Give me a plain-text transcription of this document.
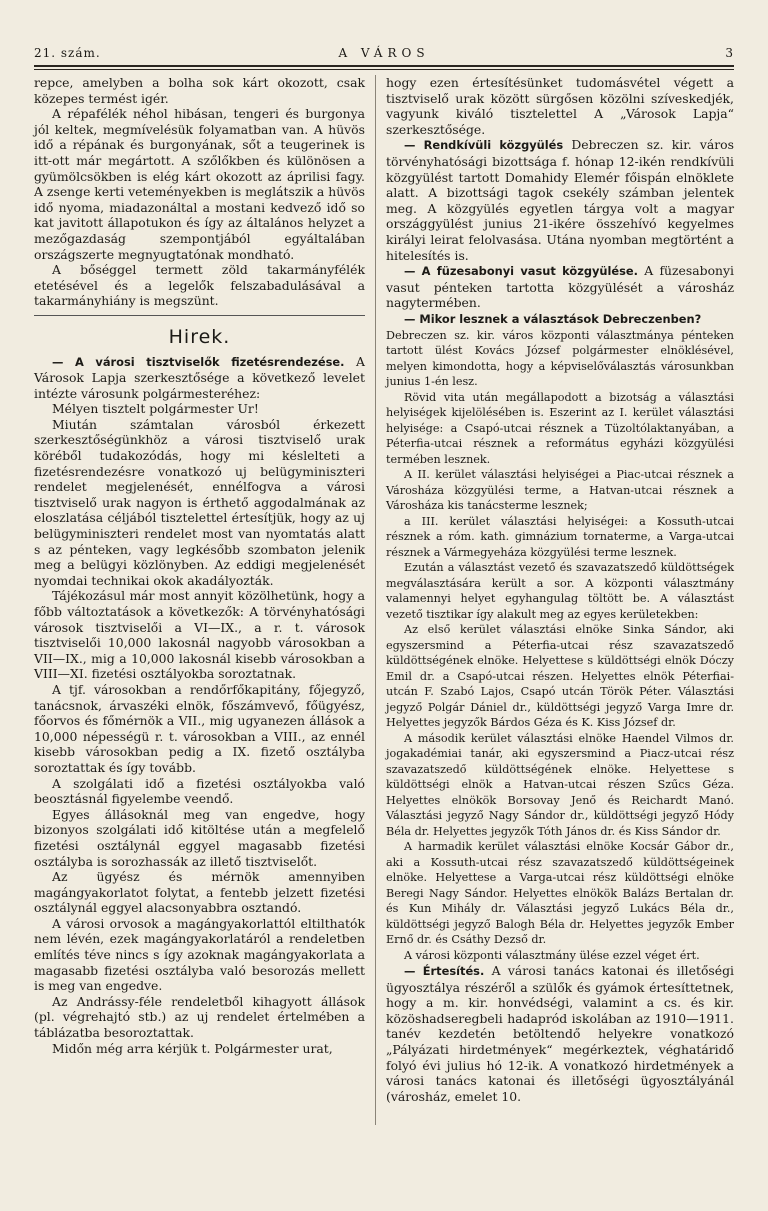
21. szám.	A VÁROS	3

repce, amelyben a bolha sok kárt okozott, csak közepes termést igér.

A répafélék néhol hibásan, tengeri és burgonya jól keltek, megmívelésük folyamatban van. A hüvös idő a répának és burgonyának, sőt a teugerinek is itt-ott már megártott. A szőlőkben és különösen a gyümölcsökben is elég kárt okozott az áprilisi fagy. A zsenge kerti veteményekben is meglátszik a hüvös idő nyoma, miadazonáltal a mostani kedvező idő so kat javitott állapotukon és így az általános helyzet a mezőgazdaság szempontjából egyáltalában országszerte megnyugtatónak mondható.

A bőséggel termett zöld takarmányfélék etetésével és a legelők felszabadulásával a takarmányhiány is megszünt.

Hirek.

— A városi tisztviselők fizetésrendezése. A Városok Lapja szerkesztősége a következő levelet intézte városunk polgármesteréhez:

Mélyen tisztelt polgármester Ur!

Miután számtalan városból érkezett szerkesztőségünkhöz a városi tisztviselő urak köréből tudakozódás, hogy mi késlelteti a fizetésrendezésre vonatkozó uj belügyminiszteri rendelet megjelenését, ennélfogva a városi tisztviselő urak nagyon is érthető aggodalmának az eloszlatása céljából tisztelettel értesítjük, hogy az uj belügyminiszteri rendelet most van nyomtatás alatt s az pénteken, vagy legkésőbb szombaton jelenik meg a belügyi közlönyben. Az eddigi megjelenését nyomdai technikai okok akadályozták.

Tájékozásul már most annyit közölhetünk, hogy a főbb változtatások a következők: A törvényhatósági városok tisztviselői a VI—IX., a r. t. városok tisztviselői 10,000 lakosnál nagyobb városokban a VII—IX., mig a 10,000 lakosnál kisebb városokban a VIII—XI. fizetési osztályokba soroztatnak.

A tjf. városokban a rendőrfőkapitány, főjegyző, tanácsnok, árvaszéki elnök, főszámvevő, főügyész, főorvos és főmérnök a VII., mig ugyanezen állások a 10,000 népességü r. t. városokban a VIII., az ennél kisebb városokban pedig a IX. fizető osztályba soroztattak és így tovább.

A szolgálati idő a fizetési osztályokba való beosztásnál figyelembe veendő.

Egyes állásoknál meg van engedve, hogy bizonyos szolgálati idő kitöltése után a megfelelő fizetési osztálynál eggyel magasabb fizetési osztályba is sorozhassák az illető tisztviselőt.

Az ügyész és mérnök amennyiben magángyakorlatot folytat, a fentebb jelzett fizetési osztálynál eggyel alacsonyabbra osztandó.

A városi orvosok a magángyakorlattól eltilthatók nem lévén, ezek magángyakorlatáról a rendeletben említés téve nincs s így azoknak magángyakorlata a magasabb fizetési osztályba való besorozás mellett is meg van engedve.

Az Andrássy-féle rendeletből kihagyott állások (pl. végrehajtó stb.) az uj rendelet értelmében a táblázatba besoroztattak.

Midőn még arra kérjük t. Polgármester urat,

hogy ezen értesítésünket tudomásvétel végett a tisztviselő urak között sürgősen közölni szíveskedjék, vagyunk kiváló tisztelettel A „Városok Lapja“ szerkesztősége.

— Rendkívüli közgyülés Debreczen sz. kir. város törvényhatósági bizottsága f. hónap 12-ikén rendkívüli közgyülést tartott Domahidy Elemér főispán elnöklete alatt. A bizottsági tagok csekély számban jelentek meg. A közgyülés egyetlen tárgya volt a magyar országgyülést junius 21-ikére összehívó kegyelmes királyi leirat felolvasása. Utána nyomban megtörtént a hitelesítés is.

— A füzesabonyi vasut közgyülése. A füzesabonyi vasut pénteken tartotta közgyülését a városház nagytermében.

— Mikor lesznek a választások Debreczenben?

Debreczen sz. kir. város központi választmánya pénteken tartott ülést Kovács József polgármester elnöklésével, melyen kimondotta, hogy a képviselőválasztás városunkban junius 1-én lesz.

Rövid vita után megállapodott a bizotság a választási helyiségek kijelölésében is. Eszerint az I. kerület választási helyisége: a Csapó-utcai résznek a Tüzoltólaktanyában, a Péterfia-utcai résznek a református egyházi közgyülési termében lesznek.

A II. kerület választási helyiségei a Piac-utcai résznek a Városháza közgyülési terme, a Hatvan-utcai résznek a Városháza kis tanácsterme lesznek;

a III. kerület választási helyiségei: a Kossuth-utcai résznek a róm. kath. gimnázium tornaterme, a Varga-utcai résznek a Vármegyeháza közgyülési terme lesznek.

Ezután a választást vezető és szavazatszedő küldöttségek megválasztására került a sor. A központi választmány valamennyi helyet egyhangulag töltött be. A választást vezető tisztikar így alakult meg az egyes kerületekben:

Az első kerület választási elnöke Sinka Sándor, aki egyszersmind a Péterfia-utcai rész szavazatszedő küldöttségének elnöke. Helyettese s küldöttségi elnök Dóczy Emil dr. a Csapó-utcai részen. Helyettes elnök Péterfiai-utcán F. Szabó Lajos, Csapó utcán Török Péter. Választási jegyző Polgár Dániel dr., küldöttségi jegyző Varga Imre dr. Helyettes jegyzők Bárdos Géza és K. Kiss József dr.

A második kerület választási elnöke Haendel Vilmos dr. jogakadémiai tanár, aki egyszersmind a Piacz-utcai rész szavazatszedő küldöttségének elnöke. Helyettese s küldöttségi elnök a Hatvan-utcai részen Szűcs Géza. Helyettes elnökök Borsovay Jenő és Reichardt Manó. Választási jegyző Nagy Sándor dr., küldöttségi jegyző Hódy Béla dr. Helyettes jegyzők Tóth János dr. és Kiss Sándor dr.

A harmadik kerület választási elnöke Kocsár Gábor dr., aki a Kossuth-utcai rész szavazatszedő küldöttségeinek elnöke. Helyettese a Varga-utcai rész küldöttségi elnöke Beregi Nagy Sándor. Helyettes elnökök Balázs Bertalan dr. és Kun Mihály dr. Választási jegyző Lukács Béla dr., küldöttségi jegyző Balogh Béla dr. Helyettes jegyzők Ember Ernő dr. és Csáthy Dezső dr.

A városi központi választmány ülése ezzel véget ért.

— Értesítés. A városi tanács katonai és illetőségi ügyosztálya részéről a szülők és gyámok értesíttetnek, hogy a m. kir. honvédségi, valamint a cs. és kir. közöshadseregbeli hadapród iskolában az 1910—1911. tanév kezdetén betöltendő helyekre vonatkozó „Pályázati hirdetmények“ megérkeztek, véghatáridő folyó évi julius hó 12-ik. A vonatkozó hirdetmények a városi tanács katonai és illetőségi ügyosztályánál (városház, emelet 10.
